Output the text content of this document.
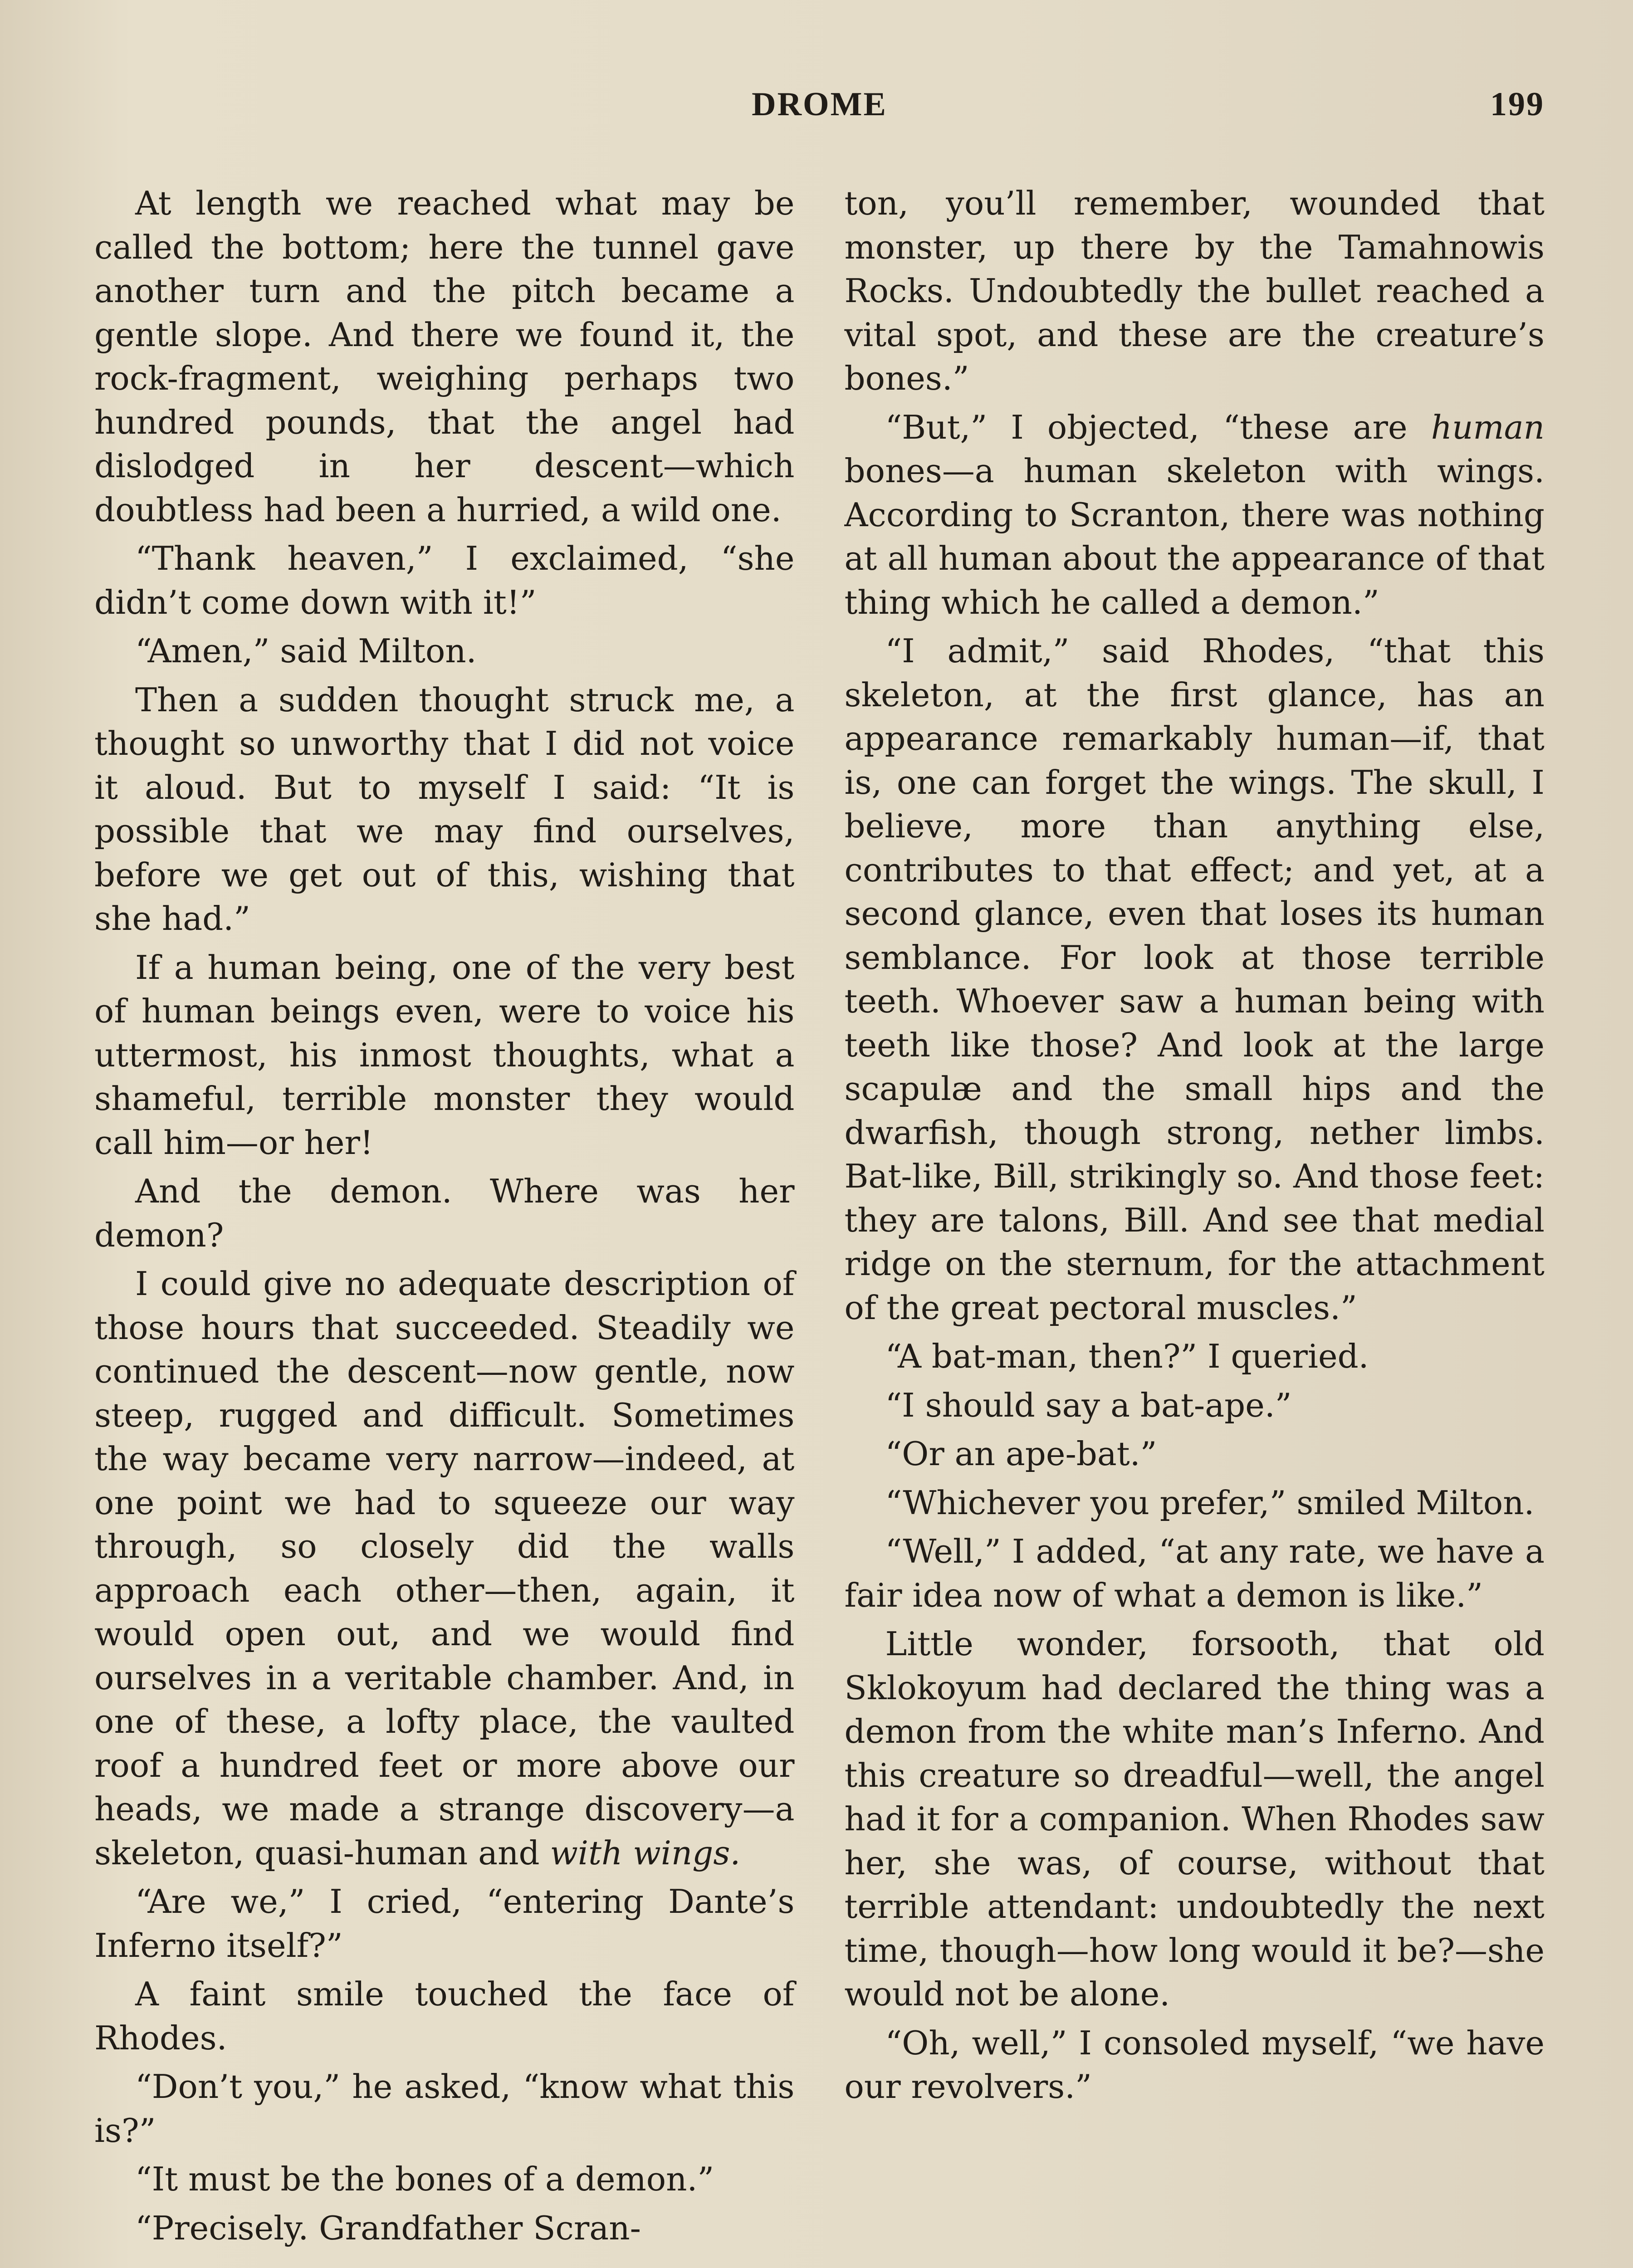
DROME	199

At length we reached what may be called the bottom; here the tunnel gave another turn and the pitch became a gentle slope. And there we found it, the rock-fragment, weighing perhaps two hundred pounds, that the angel had dislodged in her descent—which doubtless had been a hurried, a wild one.

“Thank heaven,” I exclaimed, “she didn’t come down with it!”

“Amen,” said Milton.

Then a sudden thought struck me, a thought so unworthy that I did not voice it aloud. But to myself I said: “It is possible that we may find ourselves, before we get out of this, wishing that she had.”

If a human being, one of the very best of human beings even, were to voice his uttermost, his inmost thoughts, what a shameful, terrible monster they would call him—or her!

And the demon. Where was her demon?

I could give no adequate description of those hours that succeeded. Steadily we continued the descent—now gentle, now steep, rugged and difficult. Sometimes the way became very narrow—indeed, at one point we had to squeeze our way through, so closely did the walls approach each other—then, again, it would open out, and we would find ourselves in a veritable chamber. And, in one of these, a lofty place, the vaulted roof a hundred feet or more above our heads, we made a strange discovery—a skeleton, quasi-human and with wings.

“Are we,” I cried, “entering Dante’s Inferno itself?”

A faint smile touched the face of Rhodes.

“Don’t you,” he asked, “know what this is?”

“It must be the bones of a demon.”

“Precisely. Grandfather Scran-

ton, you’ll remember, wounded that monster, up there by the Tamahnowis Rocks. Undoubtedly the bullet reached a vital spot, and these are the creature’s bones.”

“But,” I objected, “these are human bones—a human skeleton with wings. According to Scranton, there was nothing at all human about the appearance of that thing which he called a demon.”

“I admit,” said Rhodes, “that this skeleton, at the first glance, has an appearance remarkably human—if, that is, one can forget the wings. The skull, I believe, more than anything else, contributes to that effect; and yet, at a second glance, even that loses its human semblance. For look at those terrible teeth. Whoever saw a human being with teeth like those? And look at the large scapulæ and the small hips and the dwarfish, though strong, nether limbs. Bat-like, Bill, strikingly so. And those feet: they are talons, Bill. And see that medial ridge on the sternum, for the attachment of the great pectoral muscles.”

“A bat-man, then?” I queried.

“I should say a bat-ape.”

“Or an ape-bat.”

“Whichever you prefer,” smiled Milton.

“Well,” I added, “at any rate, we have a fair idea now of what a demon is like.”

Little wonder, forsooth, that old Sklokoyum had declared the thing was a demon from the white man’s Inferno. And this creature so dreadful—well, the angel had it for a companion. When Rhodes saw her, she was, of course, without that terrible attendant: undoubtedly the next time, though—how long would it be?—she would not be alone.

“Oh, well,” I consoled myself, “we have our revolvers.”
